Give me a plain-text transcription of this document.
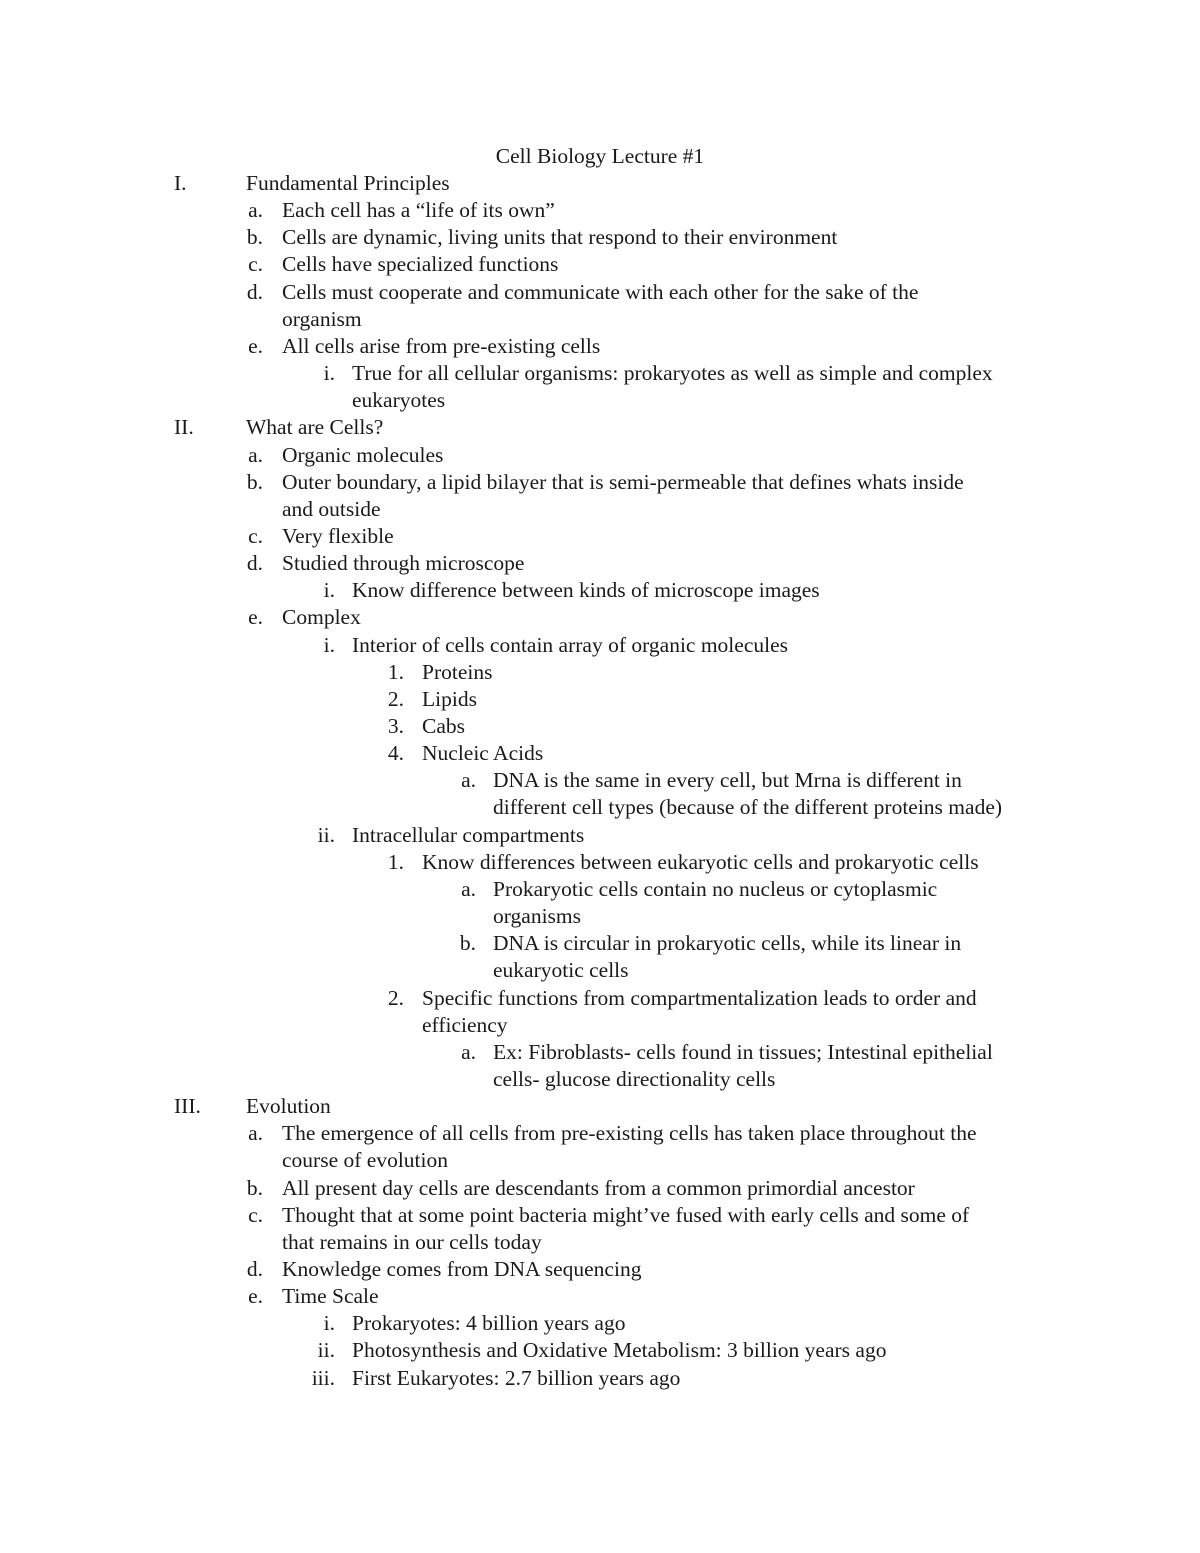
Cell Biology Lecture #1
I.	Fundamental Principles
a. Each cell has a “life of its own”
b. Cells are dynamic, living units that respond to their environment
c. Cells have specialized functions
d. Cells must cooperate and communicate with each other for the sake of the
organism
e. All cells arise from pre-existing cells
i. True for all cellular organisms: prokaryotes as well as simple and complex
eukaryotes
II. What are Cells?
a. Organic molecules
b. Outer boundary, a lipid bilayer that is semi-permeable that defines whats inside
and outside
c. Very flexible
d. Studied through microscope
i. Know difference between kinds of microscope images
e. Complex
i. Interior of cells contain array of organic molecules
1. Proteins
2. Lipids
3. Cabs
4. Nucleic Acids
a. DNA is the same in every cell, but Mrna is different in
different cell types (because of the different proteins made)
ii. Intracellular compartments
1. Know differences between eukaryotic cells and prokaryotic cells
a. Prokaryotic cells contain no nucleus or cytoplasmic
organisms
b. DNA is circular in prokaryotic cells, while its linear in
eukaryotic cells
2. Specific functions from compartmentalization leads to order and
efficiency
a. Ex: Fibroblasts- cells found in tissues; Intestinal epithelial
cells- glucose directionality cells
III. Evolution
a. The emergence of all cells from pre-existing cells has taken place throughout the
course of evolution
b. All present day cells are descendants from a common primordial ancestor
c. Thought that at some point bacteria might’ve fused with early cells and some of
that remains in our cells today
d. Knowledge comes from DNA sequencing
e. Time Scale
i. Prokaryotes: 4 billion years ago
ii. Photosynthesis and Oxidative Metabolism: 3 billion years ago
iii. First Eukaryotes: 2.7 billion years ago
